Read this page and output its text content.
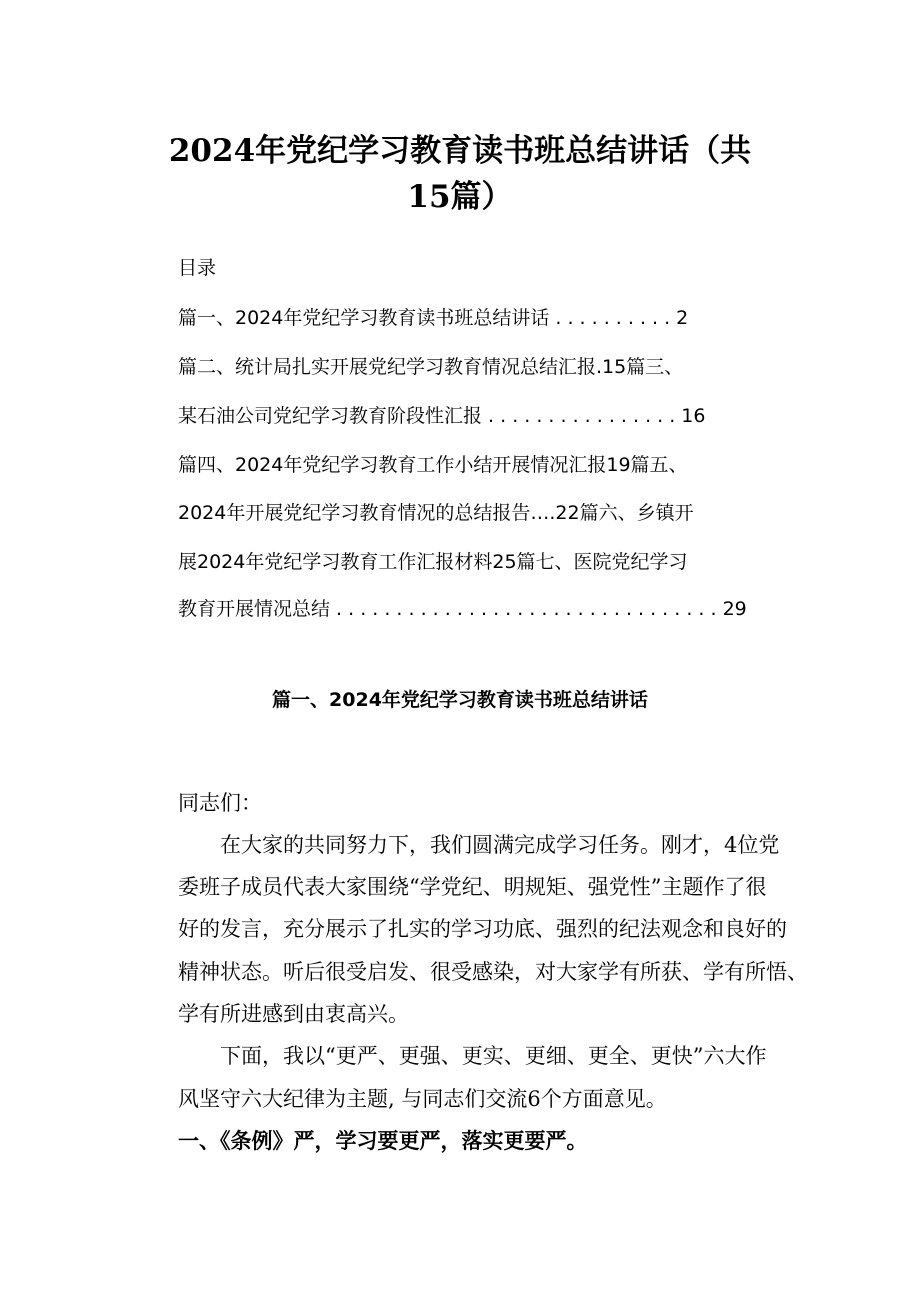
2024年党纪学习教育读书班总结讲话（共
15篇）
目录
篇一、2024年党纪学习教育读书班总结讲话 . . . . . . . . . . 2
篇二、统计局扎实开展党纪学习教育情况总结汇报.15篇三、
某石油公司党纪学习教育阶段性汇报 . . . . . . . . . . . . . . . . 16
篇四、2024年党纪学习教育工作小结开展情况汇报19篇五、
2024年开展党纪学习教育情况的总结报告….22篇六、乡镇开
展2024年党纪学习教育工作汇报材料25篇七、医院党纪学习
教育开展情况总结 . . . . . . . . . . . . . . . . . . . . . . . . . . . . . . . . 29
篇一、2024年党纪学习教育读书班总结讲话
同志们：
　　在大家的共同努力下，我们圆满完成学习任务。刚才，4位党
委班子成员代表大家围绕“学党纪、明规矩、强党性”主题作了很
好的发言，充分展示了扎实的学习功底、强烈的纪法观念和良好的
精神状态。听后很受启发、很受感染，对大家学有所获、学有所悟、
学有所进感到由衷高兴。
　　下面，我以“更严、更强、更实、更细、更全、更快”六大作
风坚守六大纪律为主题, 与同志们交流6个方面意见。
一、《条例》严，学习要更严，落实更要严。
